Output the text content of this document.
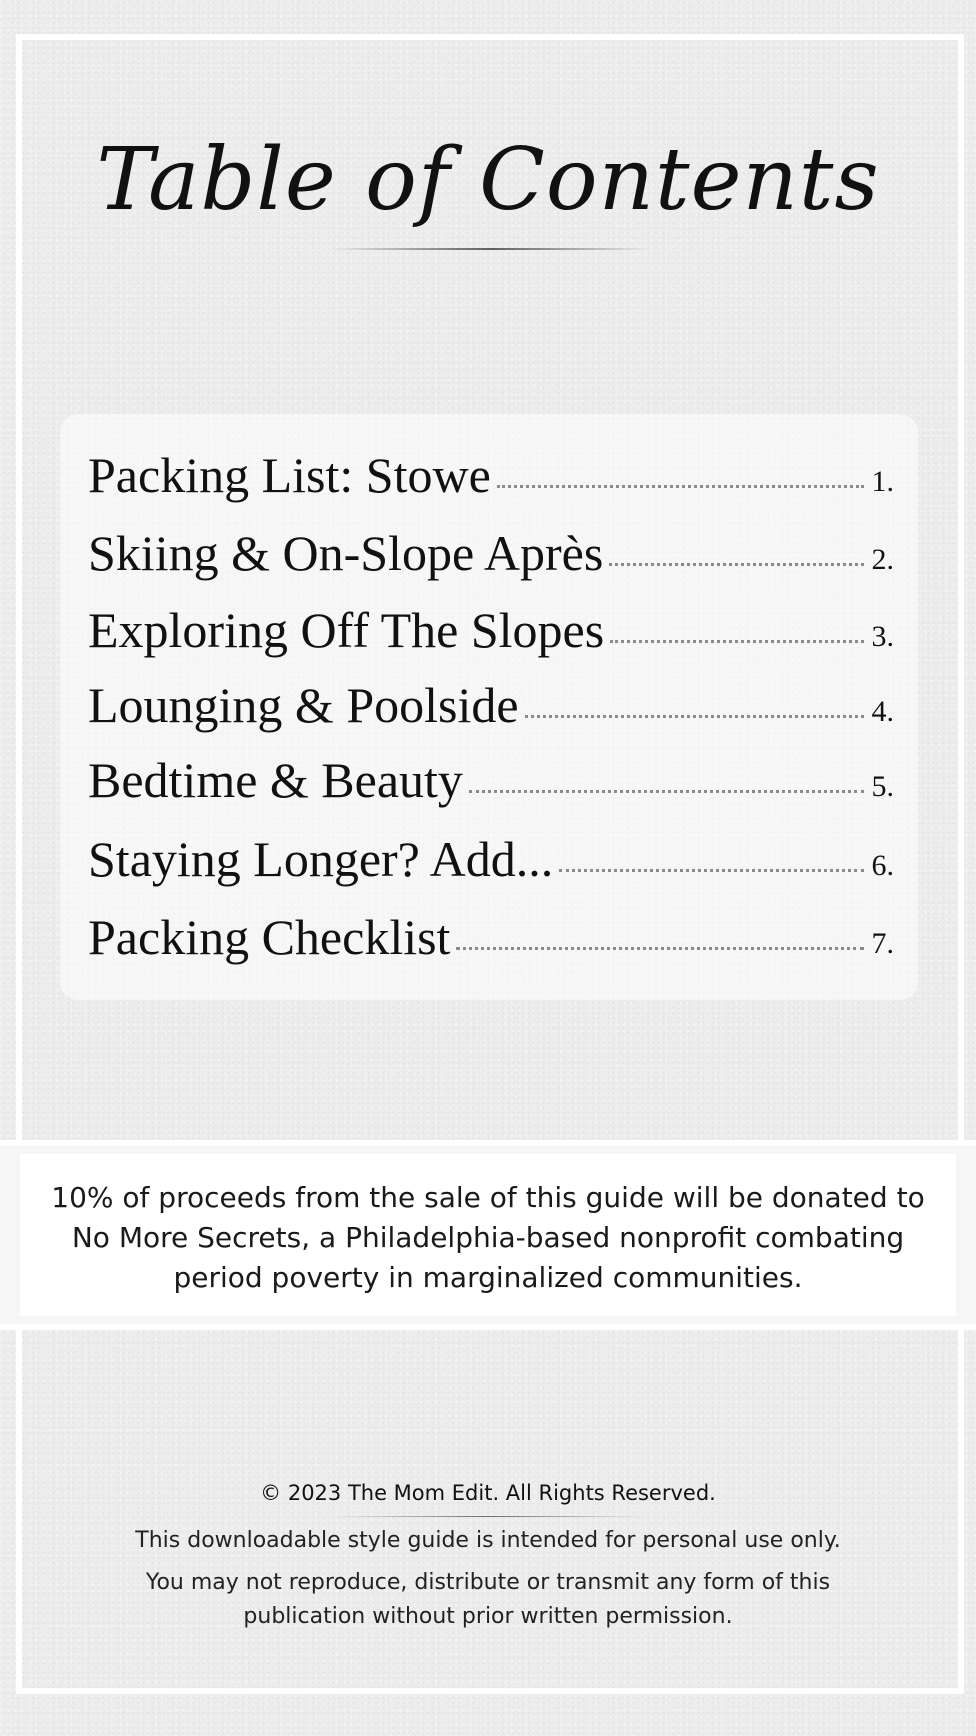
Table of Contents
Packing List: Stowe	1.
Skiing & On-Slope Après	2.
Exploring Off The Slopes	3.
Lounging & Poolside	4.
Bedtime & Beauty	5.
Staying Longer? Add...	6.
Packing Checklist	7.
10% of proceeds from the sale of this guide will be donated to No More Secrets, a Philadelphia-based nonprofit combating period poverty in marginalized communities.
© 2023 The Mom Edit. All Rights Reserved.
This downloadable style guide is intended for personal use only.
You may not reproduce, distribute or transmit any form of this publication without prior written permission.
